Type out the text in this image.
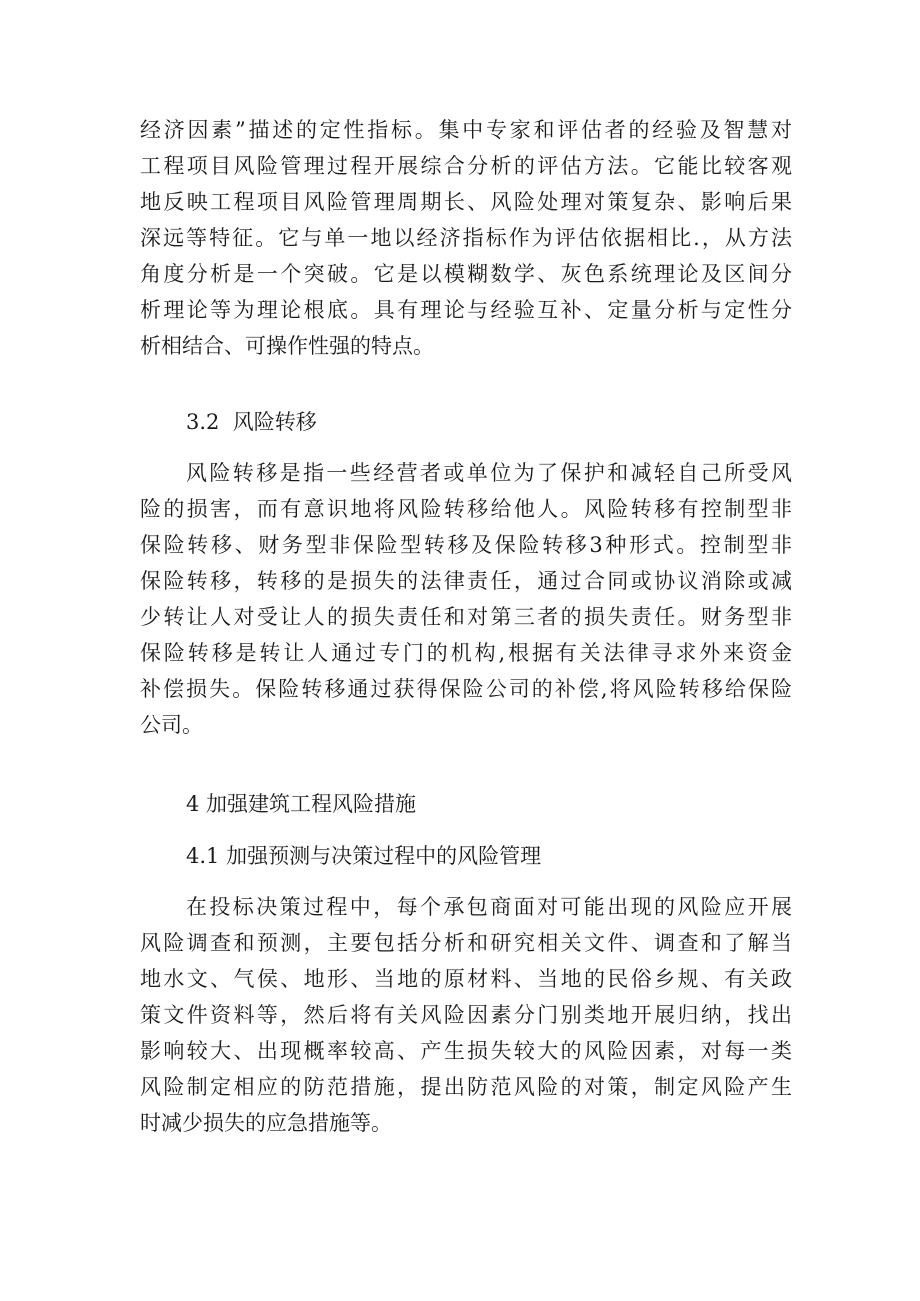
经济因素”描述的定性指标。集中专家和评估者的经验及智慧对
工程项目风险管理过程开展综合分析的评估方法。它能比较客观
地反映工程项目风险管理周期长、风险处理对策复杂、影响后果
深远等特征。它与单一地以经济指标作为评估依据相比.，从方法
角度分析是一个突破。它是以模糊数学、灰色系统理论及区间分
析理论等为理论根底。具有理论与经验互补、定量分析与定性分
析相结合、可操作性强的特点。
3.2  风险转移
风险转移是指一些经营者或单位为了保护和减轻自己所受风
险的损害，而有意识地将风险转移给他人。风险转移有控制型非
保险转移、财务型非保险型转移及保险转移3种形式。控制型非
保险转移，转移的是损失的法律责任，通过合同或协议消除或减
少转让人对受让人的损失责任和对第三者的损失责任。财务型非
保险转移是转让人通过专门的机构,根据有关法律寻求外来资金
补偿损失。保险转移通过获得保险公司的补偿,将风险转移给保险
公司。
4 加强建筑工程风险措施
4.1 加强预测与决策过程中的风险管理
在投标决策过程中，每个承包商面对可能出现的风险应开展
风险调查和预测，主要包括分析和研究相关文件、调查和了解当
地水文、气侯、地形、当地的原材料、当地的民俗乡规、有关政
策文件资料等，然后将有关风险因素分门别类地开展归纳，找出
影响较大、出现概率较高、产生损失较大的风险因素，对每一类
风险制定相应的防范措施，提出防范风险的对策，制定风险产生
时减少损失的应急措施等。
